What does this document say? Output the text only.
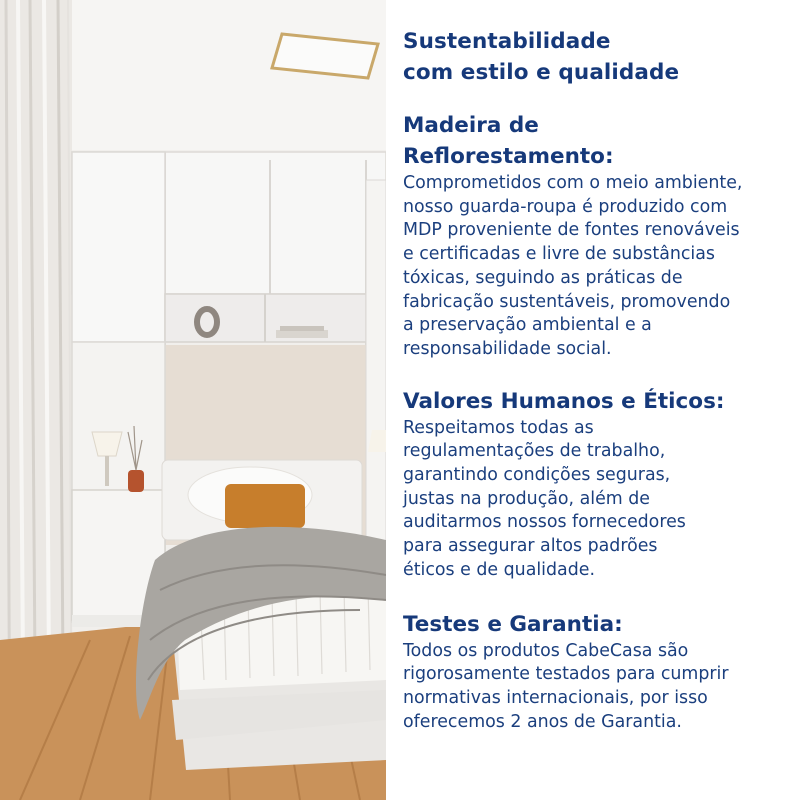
Sustentabilidade
com estilo e qualidade
Madeira de
Reflorestamento:

Comprometidos com o meio ambiente,
nosso guarda-roupa é produzido com
MDP proveniente de fontes renováveis
e certificadas e livre de substâncias
tóxicas, seguindo as práticas de
fabricação sustentáveis, promovendo
a preservação ambiental e a
responsabilidade social.

Valores Humanos e Éticos:

Respeitamos todas as
regulamentações de trabalho,
garantindo condições seguras,
justas na produção, além de
auditarmos nossos fornecedores
para assegurar altos padrões
éticos e de qualidade.

Testes e Garantia:

Todos os produtos CabeCasa são
rigorosamente testados para cumprir
normativas internacionais, por isso
oferecemos 2 anos de Garantia.
